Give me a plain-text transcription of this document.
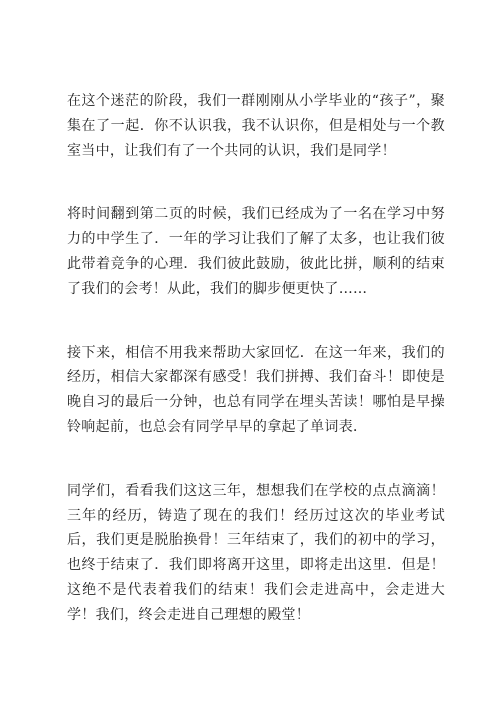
在这个迷茫的阶段，我们一群刚刚从小学毕业的“孩子”，聚集在了一起．你不认识我，我不认识你，但是相处与一个教室当中，让我们有了一个共同的认识，我们是同学！

将时间翻到第二页的时候，我们已经成为了一名在学习中努力的中学生了．一年的学习让我们了解了太多，也让我们彼此带着竞争的心理．我们彼此鼓励，彼此比拼，顺利的结束了我们的会考！从此，我们的脚步便更快了……

接下来，相信不用我来帮助大家回忆．在这一年来，我们的经历，相信大家都深有感受！我们拼搏、我们奋斗！即使是晚自习的最后一分钟，也总有同学在埋头苦读！哪怕是早操铃响起前，也总会有同学早早的拿起了单词表．

同学们，看看我们这这三年，想想我们在学校的点点滴滴！三年的经历，铸造了现在的我们！经历过这次的毕业考试后，我们更是脱胎换骨！三年结束了，我们的初中的学习，也终于结束了．我们即将离开这里，即将走出这里．但是！这绝不是代表着我们的结束！我们会走进高中，会走进大学！我们，终会走进自己理想的殿堂！
